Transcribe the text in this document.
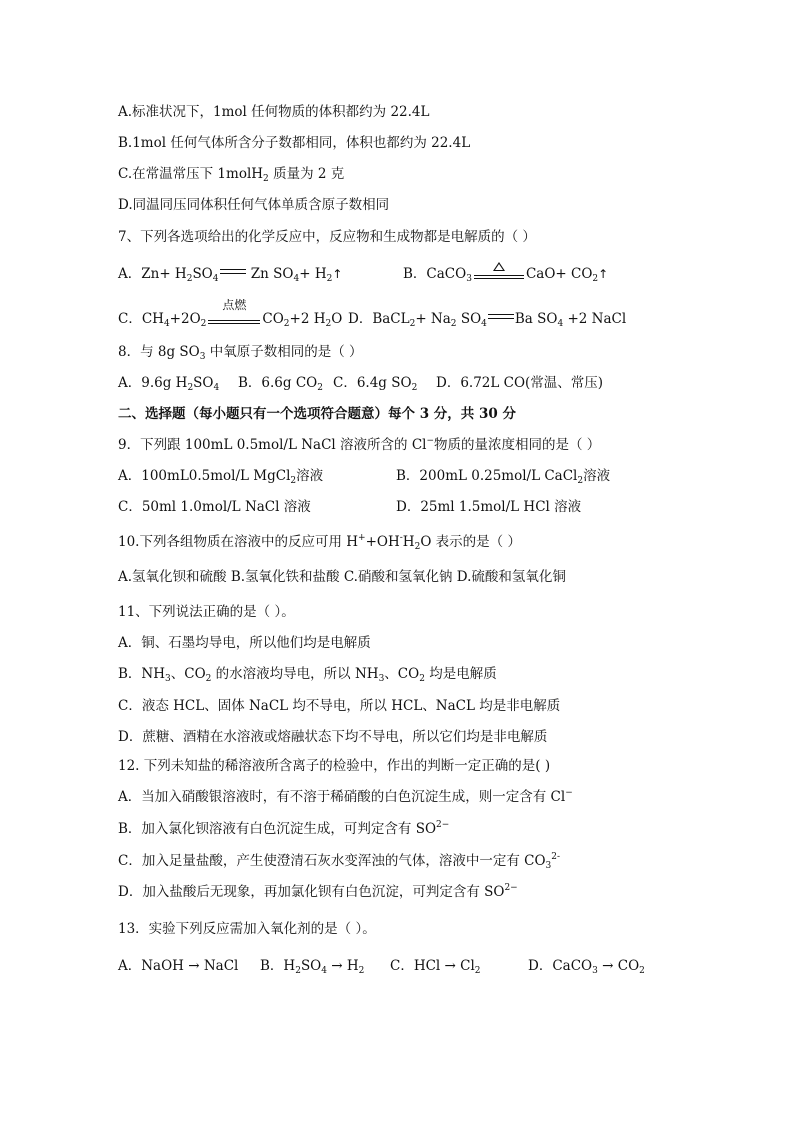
A.标准状况下，1mol 任何物质的体积都约为 22.4L
B.1mol 任何气体所含分子数都相同，体积也都约为 22.4L
C.在常温常压下 1molH$_2$ 质量为 2 克
D.同温同压同体积任何气体单质含原子数相同
7、下列各选项给出的化学反应中，反应物和生成物都是电解质的（ ）
A．$Zn+ H_2SO_4$ Zn $SO_4+$ $H_2↑$	B．CaCO$_3$	$CaO+ CO_2↑$
C．$CH_4+2O_2$
点燃
$CO_2+2$ $H_2O$ D．BaCL$_2$+ $Na_2$ $SO_4$ Ba $SO_4 +2$ NaCl
8．与 8g $SO_3$ 中氧原子数相同的是（ ）
A．9.6g $H_2SO_4$ B．6.6g $CO_2$ C．6.4g $SO_2$ D．6.72L CO(常温、常压)
二、选择题（每小题只有一个选项符合题意）每个 3 分，共 30 分
9．下列跟 100mL 0.5mol/L NaCl 溶液所含的 Cl−物质的量浓度相同的是（ ）
A．100mL0.5mol/L MgCl$_2$溶液	B．200mL 0.25mol/L CaCl$_2$溶液
C．50ml 1.0mol/L NaCl 溶液	D．25ml 1.5mol/L HCl 溶液
10.下列各组物质在溶液中的反应可用 $H^++OH^-H_2O$ 表示的是（ ）
A.氢氧化钡和硫酸 B.氢氧化铁和盐酸 C.硝酸和氢氧化钠 D.硫酸和氢氧化铜
11、下列说法正确的是（ ）。
A．铜、石墨均导电，所以他们均是电解质
B．$NH_3$、$CO_2$ 的水溶液均导电，所以 $NH_3$、$CO_2$ 均是电解质
C．液态 HCL、固体 NaCL 均不导电，所以 HCL、NaCL 均是非电解质
D．蔗糖、酒精在水溶液或熔融状态下均不导电，所以它们均是非电解质
12. 下列未知盐的稀溶液所含离子的检验中，作出的判断一定正确的是( )
A．当加入硝酸银溶液时，有不溶于稀硝酸的白色沉淀生成，则一定含有 Cl−
B．加入氯化钡溶液有白色沉淀生成，可判定含有 $SO^{2-}$
C．加入足量盐酸，产生使澄清石灰水变浑浊的气体，溶液中一定有 $CO_3^{2-}$
D．加入盐酸后无现象，再加氯化钡有白色沉淀，可判定含有 $SO^{2-}$
13．实验下列反应需加入氧化剂的是（ ）。
A．NaOH → NaCl B．$H_2SO_4 \to H_2$ C．HCl → $Cl_2$	D．CaCO$_3$ → $CO_2$
